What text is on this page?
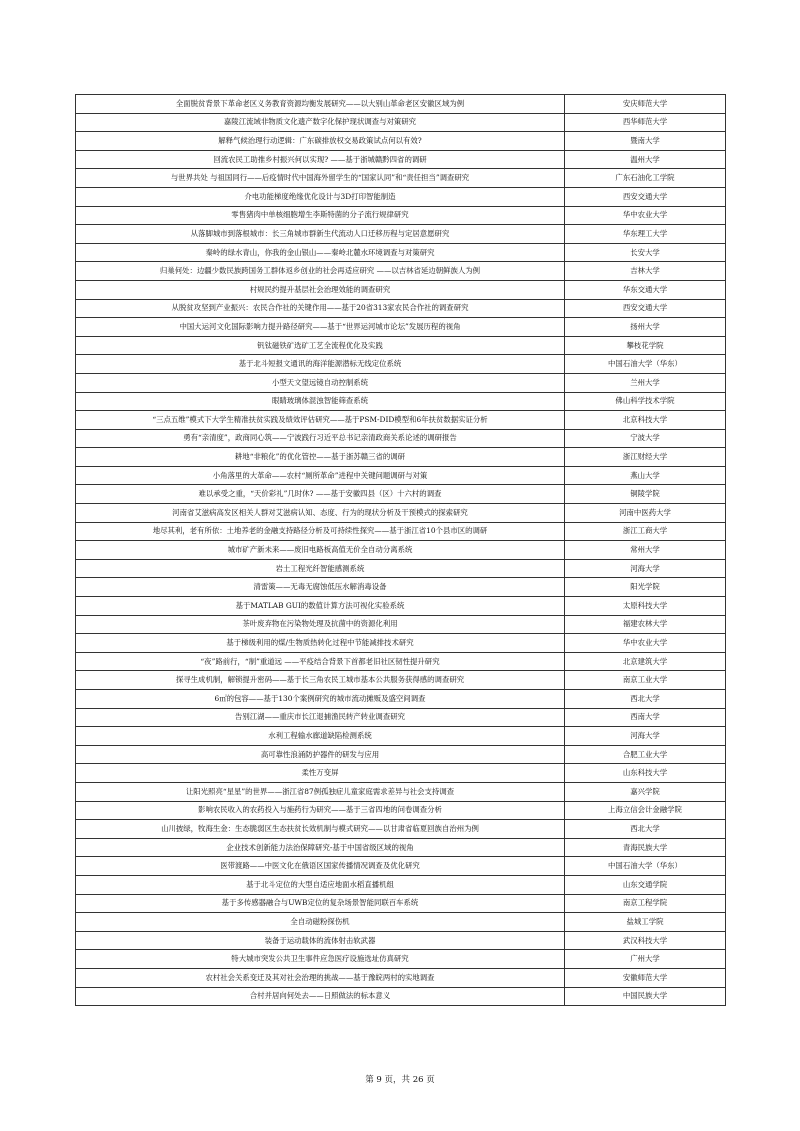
全面脱贫背景下革命老区义务教育资源均衡发展研究——以大别山革命老区安徽区域为例	安庆师范大学
嘉陵江流域非物质文化遗产数字化保护现状调查与对策研究	西华师范大学
解释气候治理行动逻辑：广东碳排放权交易政策试点何以有效?	暨南大学
回流农民工助推乡村振兴何以实现? ——基于浙城赣黔四省的调研	温州大学
与世界共处 与祖国同行——后疫情时代中国海外留学生的“国家认同”和“责任担当”调查研究	广东石油化工学院
介电功能梯度绝缘优化设计与3D打印智能制造	西安交通大学
零售猪肉中单核细胞增生李斯特菌的分子流行规律研究	华中农业大学
从落脚城市到落根城市：长三角城市群新生代流动人口迁移历程与定居意愿研究	华东理工大学
秦岭的绿水青山，你我的金山银山——秦岭北麓水环境调查与对策研究	长安大学
归巢何处：边疆少数民族跨国务工群体返乡创业的社会再适应研究 ——以吉林省延边朝鲜族人为例	吉林大学
村规民约提升基层社会治理效能的调查研究	华东交通大学
从脱贫攻坚到产业振兴：农民合作社的关键作用——基于20省313家农民合作社的调查研究	西安交通大学
中国大运河文化国际影响力提升路径研究——基于“世界运河城市论坛”发展历程的视角	扬州大学
钒钛磁铁矿选矿工艺全流程优化及实践	攀枝花学院
基于北斗短报文通讯的海洋能源潜标无线定位系统	中国石油大学（华东）
小型天文望远镜自动控制系统	兰州大学
眼睛玻璃体混浊智能筛查系统	佛山科学技术学院
“三点五维”模式下大学生精准扶贫实践及绩效评估研究——基于PSM-DID模型和6年扶贫数据实证分析	北京科技大学
勇有“亲清度”，政商同心筑——宁波践行习近平总书记亲清政商关系论述的调研报告	宁波大学
耕地“非粮化”的优化管控——基于浙苏赣三省的调研	浙江财经大学
小角落里的大革命——农村“厕所革命”进程中关键问题调研与对策	燕山大学
难以承受之重，“天价彩礼”几时休? ——基于安徽四县（区）十六村的调查	铜陵学院
河南省艾滋病高发区相关人群对艾滋病认知、态度、行为的现状分析及干预模式的探索研究	河南中医药大学
地尽其利，老有所依：土地养老的金融支持路径分析及可持续性探究——基于浙江省10个县市区的调研	浙江工商大学
城市矿产新未来——废旧电路板高值无价全自动分离系统	常州大学
岩土工程光纤智能感测系统	河海大学
清雷策——无毒无腐蚀低压水解消毒设备	阳光学院
基于MATLAB GUI的数值计算方法可视化实验系统	太原科技大学
茶叶废弃物在污染物处理及抗菌中的资源化利用	福建农林大学
基于梯级利用的煤/生物质热转化过程中节能减排技术研究	华中农业大学
“夜”路前行，“制”重道远 ——平疫结合背景下首都老旧社区韧性提升研究	北京建筑大学
探寻生成机制，解锁提升密码——基于长三角农民工城市基本公共服务获得感的调查研究	南京工业大学
6㎡的包容——基于130个案例研究的城市流动摊贩及盛空间调查	西北大学
告别江湖——重庆市长江退捕渔民转产转业调查研究	西南大学
水利工程输水廊道缺陷检测系统	河海大学
高可靠性浪涌防护器件的研发与应用	合肥工业大学
柔性万变屏	山东科技大学
让阳光照亮“星星”的世界——浙江省87例孤独症儿童家庭需求差异与社会支持调查	嘉兴学院
影响农民收入的农药投入与施药行为研究——基于三省四地的问卷调查分析	上海立信会计金融学院
山川披绿，牧海生金：生态脆弱区生态扶贫长效机制与模式研究——以甘肃省临夏回族自治州为例	西北大学
企业技术创新能力法治保障研究-基于中国省级区域的视角	青海民族大学
医带渡路——中医文化在俄语区国家传播情况调查及优化研究	中国石油大学（华东）
基于北斗定位的大型自适应地面水稻直播机组	山东交通学院
基于多传感器融合与UWB定位的复杂场景智能同联百车系统	南京工程学院
全自动磁粉探伤机	盐城工学院
装备于运动载体的流体射击软武器	武汉科技大学
特大城市突发公共卫生事件应急医疗设施选址仿真研究	广州大学
农村社会关系变迁及其对社会治理的挑战——基于豫皖两村的实地调查	安徽师范大学
合村并居向何处去——日照做法的标本意义	中国民族大学
第 9 页，共 26 页
